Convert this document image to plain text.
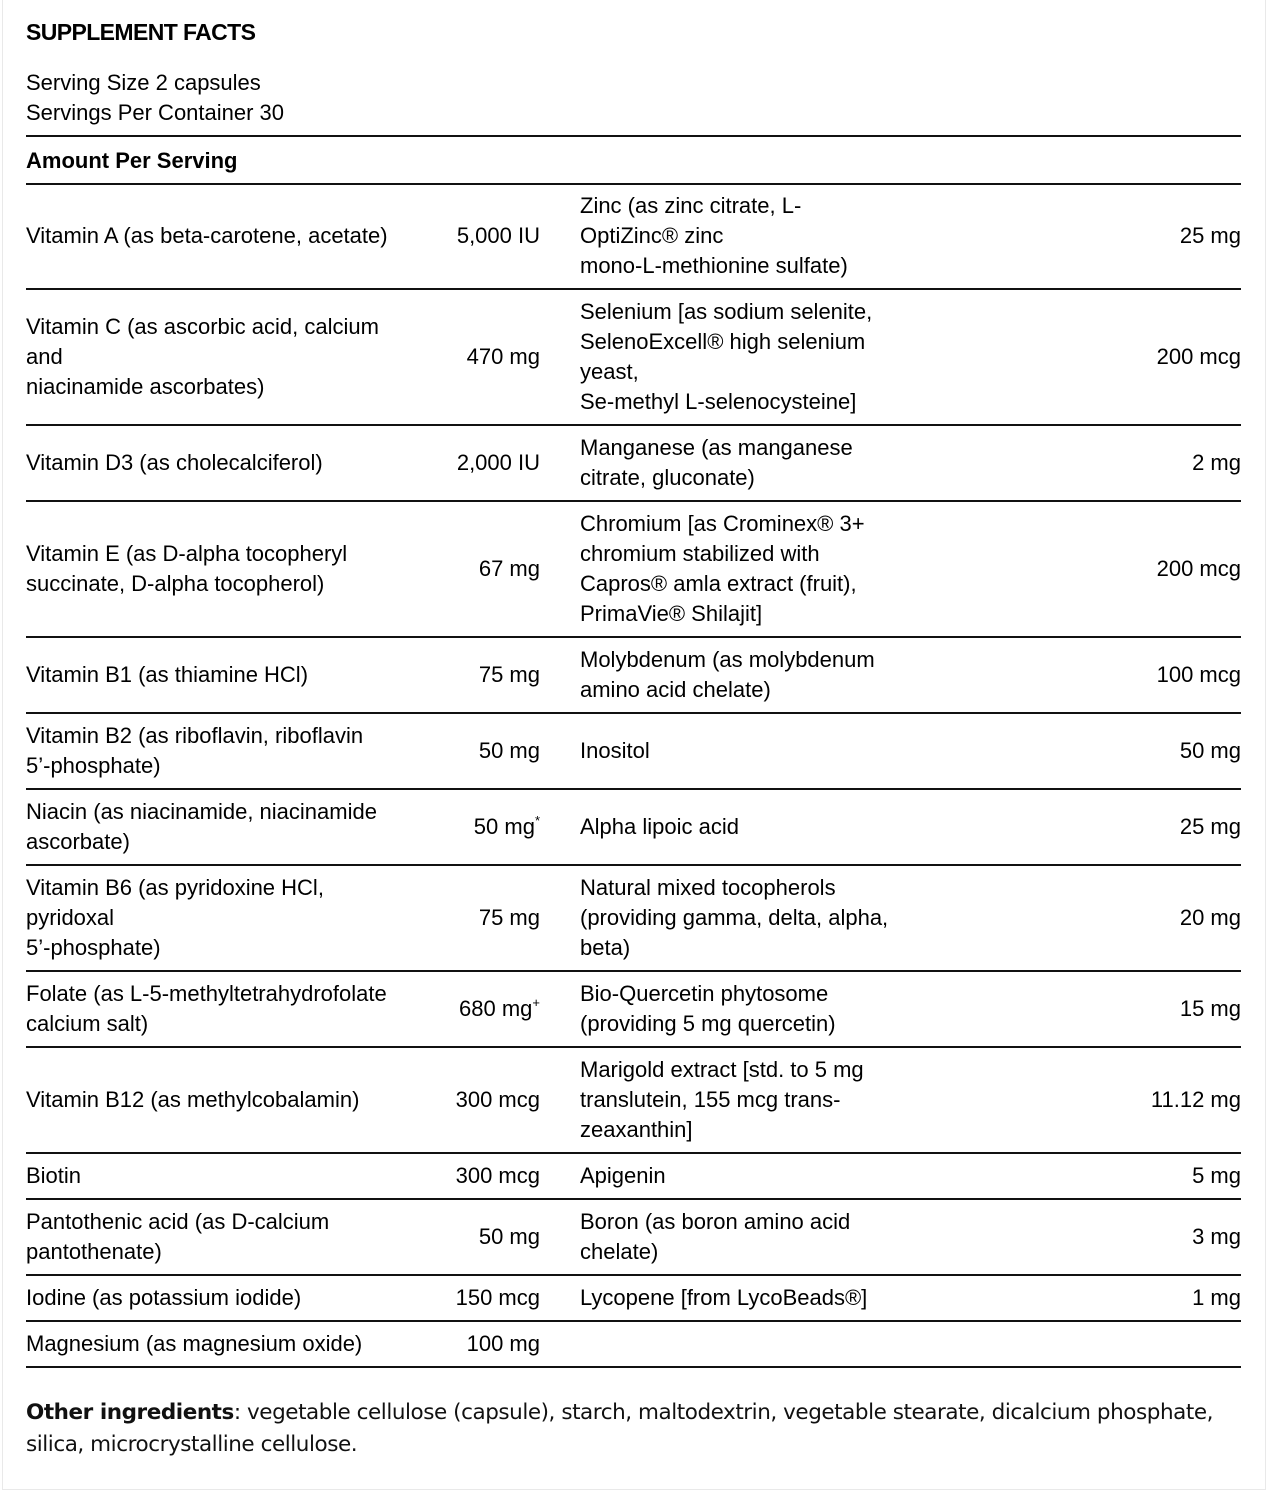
SUPPLEMENT FACTS
Serving Size 2 capsules
Servings Per Container 30
Amount Per Serving
Vitamin A (as beta-carotene, acetate)	5,000 IU		Zinc (as zinc citrate, L-
OptiZinc® zinc
mono-L-methionine sulfate)	25 mg
Vitamin C (as ascorbic acid, calcium
and
niacinamide ascorbates)	470 mg		Selenium [as sodium selenite,
SelenoExcell® high selenium
yeast,
Se-methyl L-selenocysteine]	200 mcg
Vitamin D3 (as cholecalciferol)	2,000 IU		Manganese (as manganese
citrate, gluconate)	2 mg
Vitamin E (as D-alpha tocopheryl
succinate, D-alpha tocopherol)	67 mg		Chromium [as Crominex® 3+
chromium stabilized with
Capros® amla extract (fruit),
PrimaVie® Shilajit]	200 mcg
Vitamin B1 (as thiamine HCl)	75 mg		Molybdenum (as molybdenum
amino acid chelate)	100 mcg
Vitamin B2 (as riboflavin, riboflavin
5’-phosphate)	50 mg		Inositol	50 mg
Niacin (as niacinamide, niacinamide
ascorbate)	50 mg*		Alpha lipoic acid	25 mg
Vitamin B6 (as pyridoxine HCl,
pyridoxal
5’-phosphate)	75 mg		Natural mixed tocopherols
(providing gamma, delta, alpha,
beta)	20 mg
Folate (as L-5-methyltetrahydrofolate
calcium salt)	680 mg+		Bio-Quercetin phytosome
(providing 5 mg quercetin)	15 mg
Vitamin B12 (as methylcobalamin)	300 mcg		Marigold extract [std. to 5 mg
translutein, 155 mcg trans-
zeaxanthin]	11.12 mg
Biotin	300 mcg		Apigenin	5 mg
Pantothenic acid (as D-calcium
pantothenate)	50 mg		Boron (as boron amino acid
chelate)	3 mg
Iodine (as potassium iodide)	150 mcg		Lycopene [from LycoBeads®]	1 mg
Magnesium (as magnesium oxide)	100 mg			
Other ingredients: vegetable cellulose (capsule), starch, maltodextrin, vegetable stearate, dicalcium phosphate, silica, microcrystalline cellulose.
